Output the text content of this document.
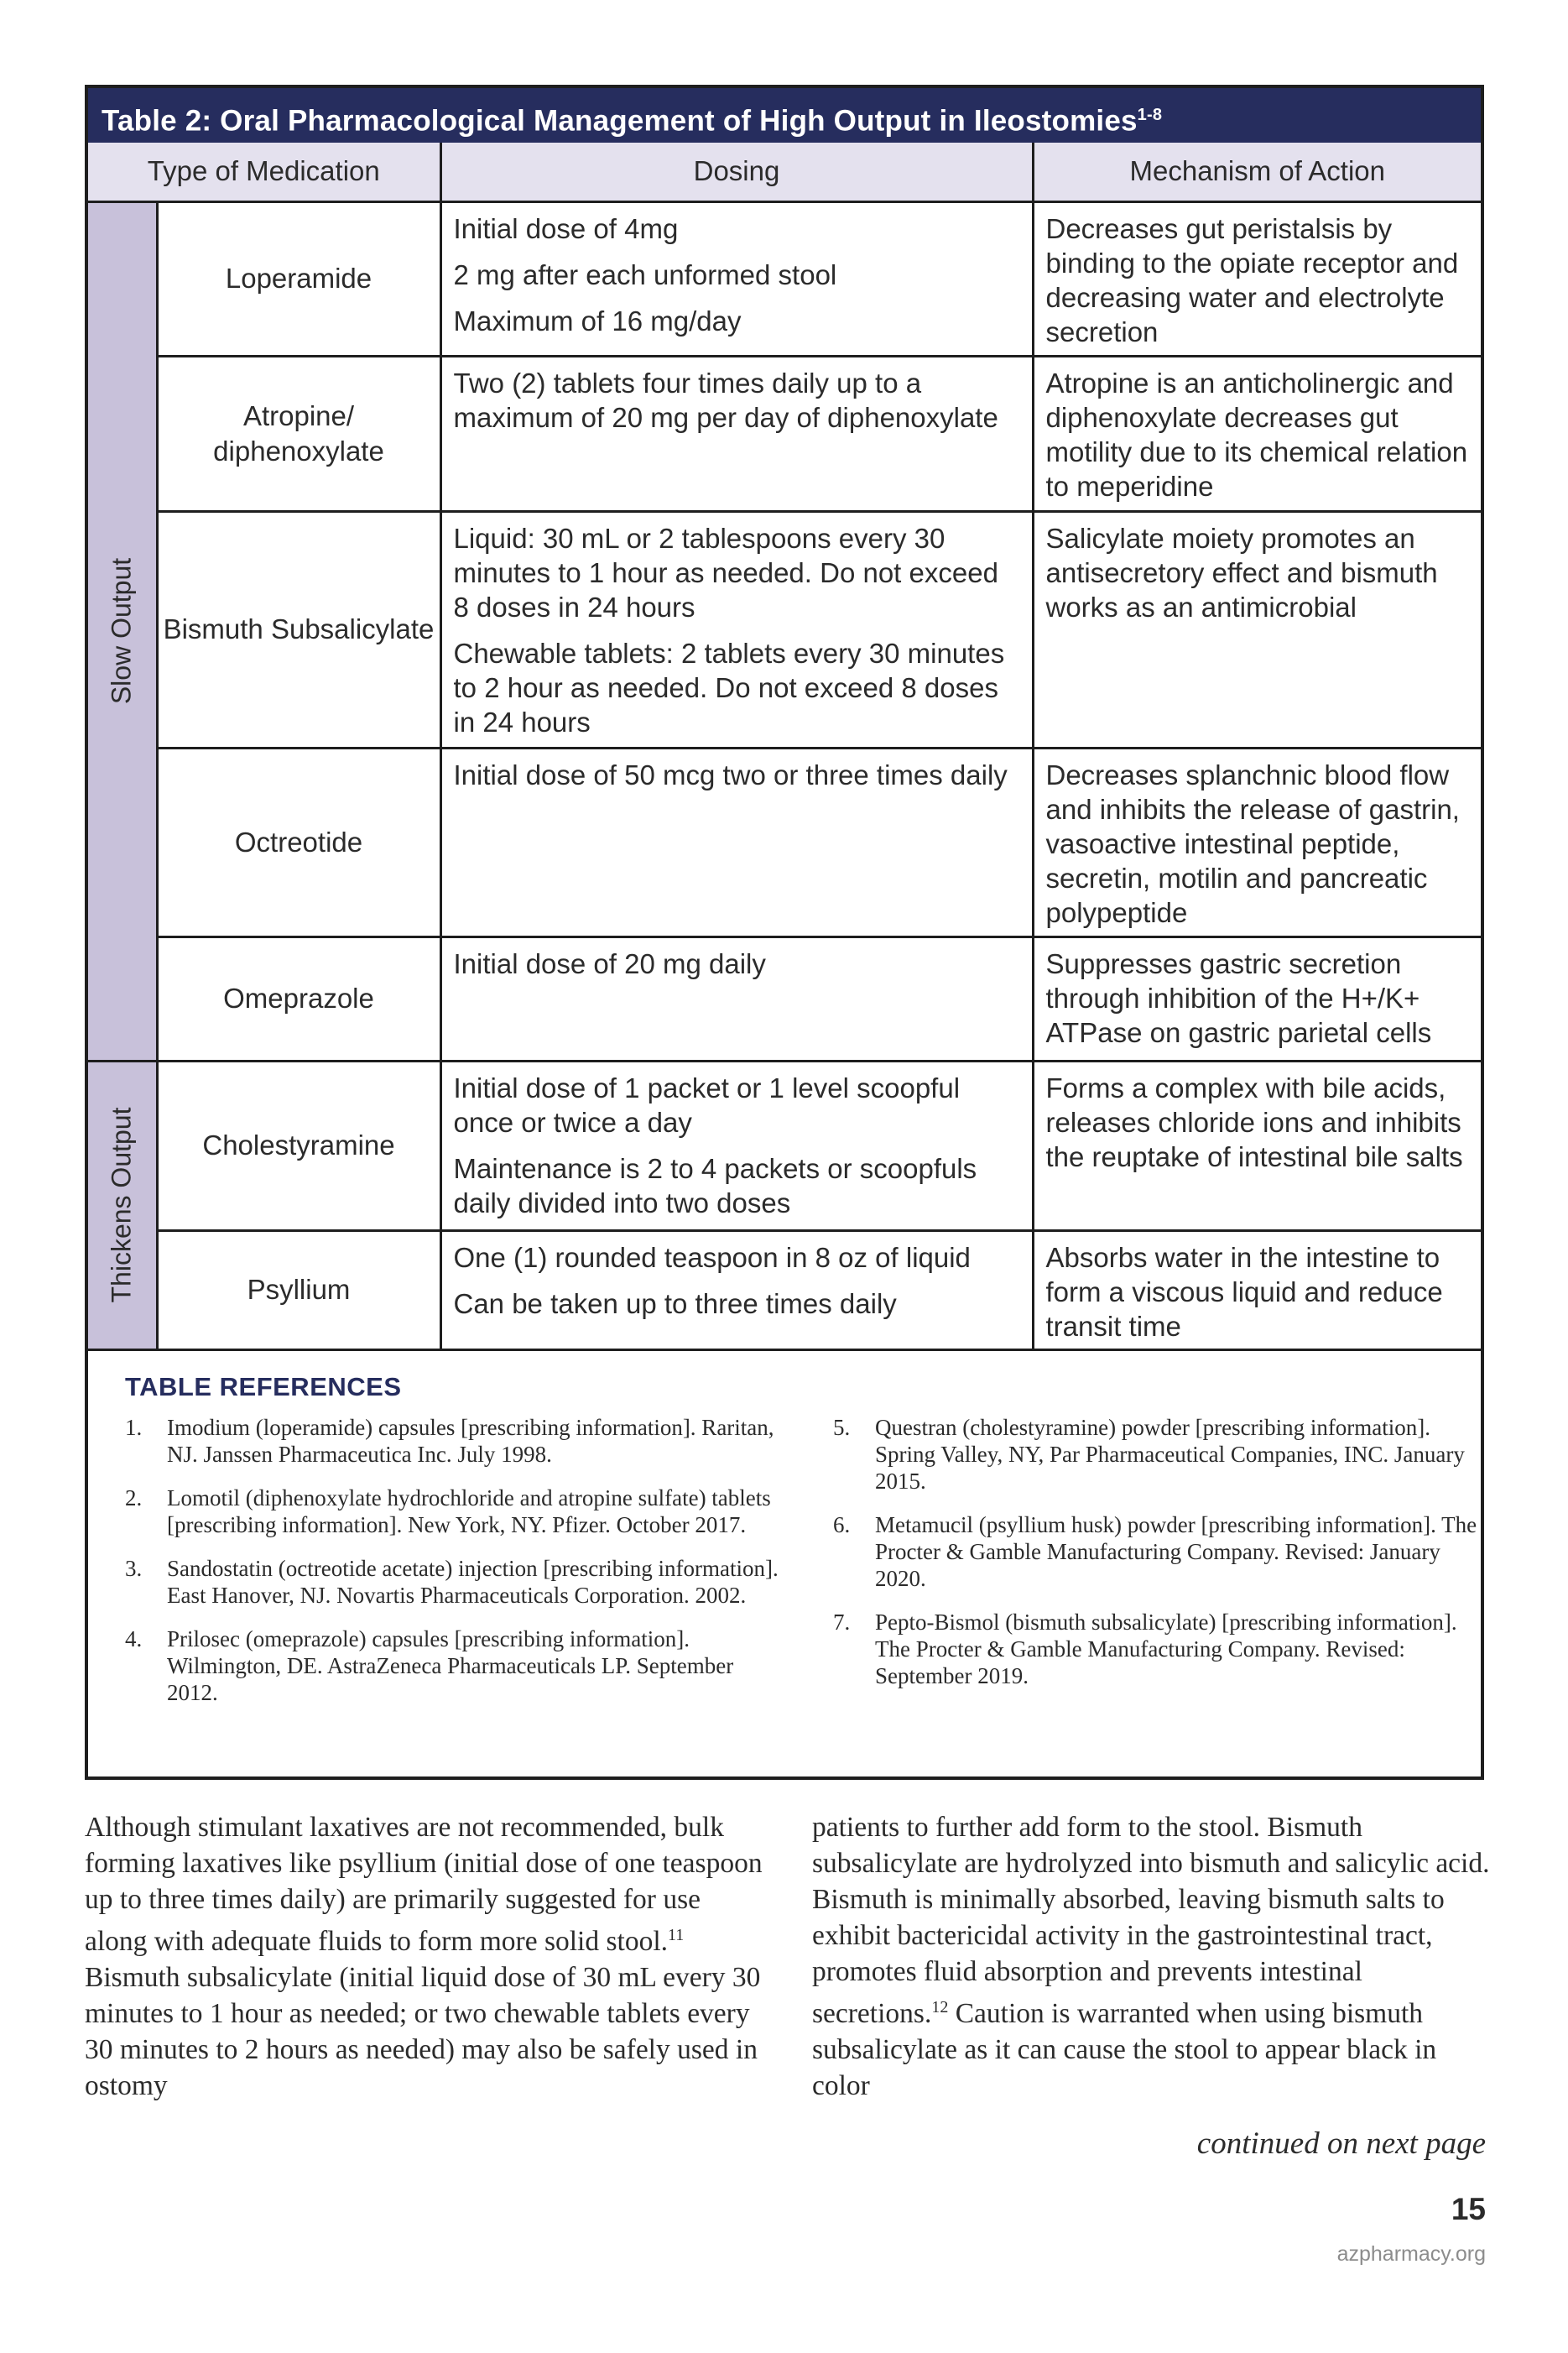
Table 2: Oral Pharmacological Management of High Output in Ileostomies$^{1-8}$
Type of Medication		Dosing	Mechanism of Action

Slow Output	Loperamide	Initial dose of 4mg

2 mg after each unformed stool

Maximum of 16 mg/day	Decreases gut peristalsis by binding to the opiate receptor and decreasing water and electrolyte secretion
	Atropine/ diphenoxylate	Two (2) tablets four times daily up to a maximum of 20 mg per day of diphenoxylate	Atropine is an anticholinergic and diphenoxylate decreases gut motility due to its chemical relation to meperidine
	Bismuth Subsalicylate	Liquid: 30 mL or 2 tablespoons every 30 minutes to 1 hour as needed. Do not exceed 8 doses in 24 hours

Chewable tablets: 2 tablets every 30 minutes to 2 hour as needed. Do not exceed 8 doses in 24 hours	Salicylate moiety promotes an antisecretory effect and bismuth works as an antimicrobial
	Octreotide	Initial dose of 50 mcg two or three times daily	Decreases splanchnic blood flow and inhibits the release of gastrin, vasoactive intestinal peptide, secretin, motilin and pancreatic polypeptide
	Omeprazole	Initial dose of 20 mg daily	Suppresses gastric secretion through inhibition of the H+/K+ ATPase on gastric parietal cells

Thickens Output	Cholestyramine	Initial dose of 1 packet or 1 level scoopful once or twice a day

Maintenance is 2 to 4 packets or scoopfuls daily divided into two doses	Forms a complex with bile acids, releases chloride ions and inhibits the reuptake of intestinal bile salts
	Psyllium	One (1) rounded teaspoon in 8 oz of liquid

Can be taken up to three times daily	Absorbs water in the intestine to form a viscous liquid and reduce transit time
TABLE REFERENCES
1. Imodium (loperamide) capsules [prescribing information]. Raritan, NJ. Janssen Pharmaceutica Inc. July 1998.
2. Lomotil (diphenoxylate hydrochloride and atropine sulfate) tablets [prescribing information]. New York, NY. Pfizer. October 2017.
3. Sandostatin (octreotide acetate) injection [prescribing information]. East Hanover, NJ. Novartis Pharmaceuticals Corporation. 2002.
4. Prilosec (omeprazole) capsules [prescribing information]. Wilmington, DE. AstraZeneca Pharmaceuticals LP. September 2012.
5. Questran (cholestyramine) powder [prescribing information]. Spring Valley, NY, Par Pharmaceutical Companies, INC. January 2015.
6. Metamucil (psyllium husk) powder [prescribing information]. The Procter & Gamble Manufacturing Company. Revised: January 2020.
7. Pepto-Bismol (bismuth subsalicylate) [prescribing information]. The Procter & Gamble Manufacturing Company. Revised: September 2019.
Although stimulant laxatives are not recommended, bulk forming laxatives like psyllium (initial dose of one teaspoon up to three times daily) are primarily suggested for use along with adequate fluids to form more solid stool.$^{11}$ Bismuth subsalicylate (initial liquid dose of 30 mL every 30 minutes to 1 hour as needed; or two chewable tablets every 30 minutes to 2 hours as needed) may also be safely used in ostomy
patients to further add form to the stool. Bismuth subsalicylate are hydrolyzed into bismuth and salicylic acid. Bismuth is minimally absorbed, leaving bismuth salts to exhibit bactericidal activity in the gastrointestinal tract, promotes fluid absorption and prevents intestinal secretions.$^{12}$ Caution is warranted when using bismuth subsalicylate as it can cause the stool to appear black in color
continued on next page
15
azpharmacy.org
